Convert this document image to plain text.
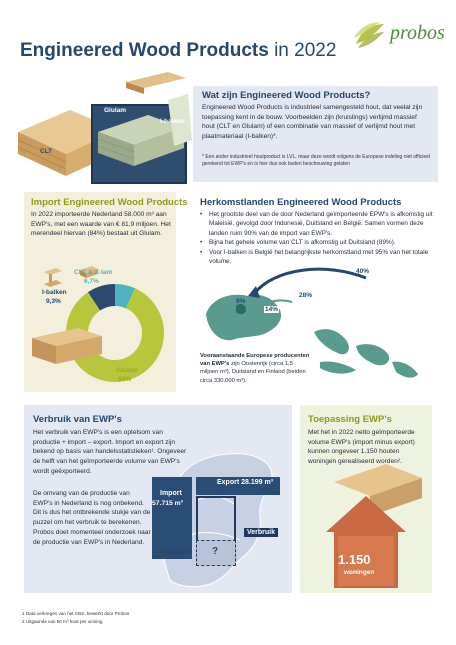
probos
Engineered Wood Products in 2022
CLT
Glulam
I-balken
Wat zijn Engineered Wood Products?
Engineered Wood Products is industrieel samengesteld hout, dat veelal zijn toepassing kent in de bouw. Voorbeelden zijn (kruislings) verlijmd massief hout (CLT en Glulam) of een combinatie van massief of verlijmd hout met plaatmateriaal (I-balken)*.
* Een ander industrieel houtproduct is LVL, maar deze wordt volgens de Europese indeling niet officieel gerekend tot EWP's en is hier dus ook buiten beschouwing gelaten
Import Engineered Wood Products
In 2022 importeerde Nederland 58.000 m³ aan EWP's, met een waarde van € 81,9 miljoen. Het merendeel hiervan (84%) bestaat uit Glulam.
CLT & X-lam
6,7%
I-balken
9,3%
Glulam
84%
Herkomstlanden Engineered Wood Products
• Het grootste deel van de door Nederland geïmporteerde EPW's is afkomstig uit Maleisië, gevolgd door Indonesië, Duitsland en België. Samen vormen deze landen ruim 90% van de import van EWP's.
• Bijna het gehele volume van CLT is afkomstig uit Duitsland (89%).
• Voor I-balken is België het belangrijkste herkomstland met 95% van het totale volume.
40%
28%
9%
14%
Vooraanstaande Europese producenten van EWP's zijn Oostenrijk (circa 1,5 miljoen m³), Duitsland en Finland (beiden circa 330.000 m³).
Import
57.715 m³
Export 28.199 m³
Verbruik
Productie ?
Verbruik van EWP's
Het verbruik van EWP's is een optelsom van productie + import – export. Import en export zijn bekend op basis van handelsstatistieken¹. Ongeveer de helft van het geïmporteerde volume van EWP's wordt geëxporteerd.
De omvang van de productie van EWP's in Nederland is nog onbekend. Dit is dus het ontbrekende stukje van de puzzel om het verbruik te berekenen. Probos doet momenteel onderzoek naar de productie van EWP's in Nederland.
Toepassing EWP's
Met het in 2022 netto geïmporteerde volume EWP's (import minus export) kunnen ongeveer 1.150 houten woningen gerealiseerd worden².
1.150
woningen
1 Data verkregen van het CBS, bewerkt door Probos
2 Uitgaande van 50 m³ hout per woning
